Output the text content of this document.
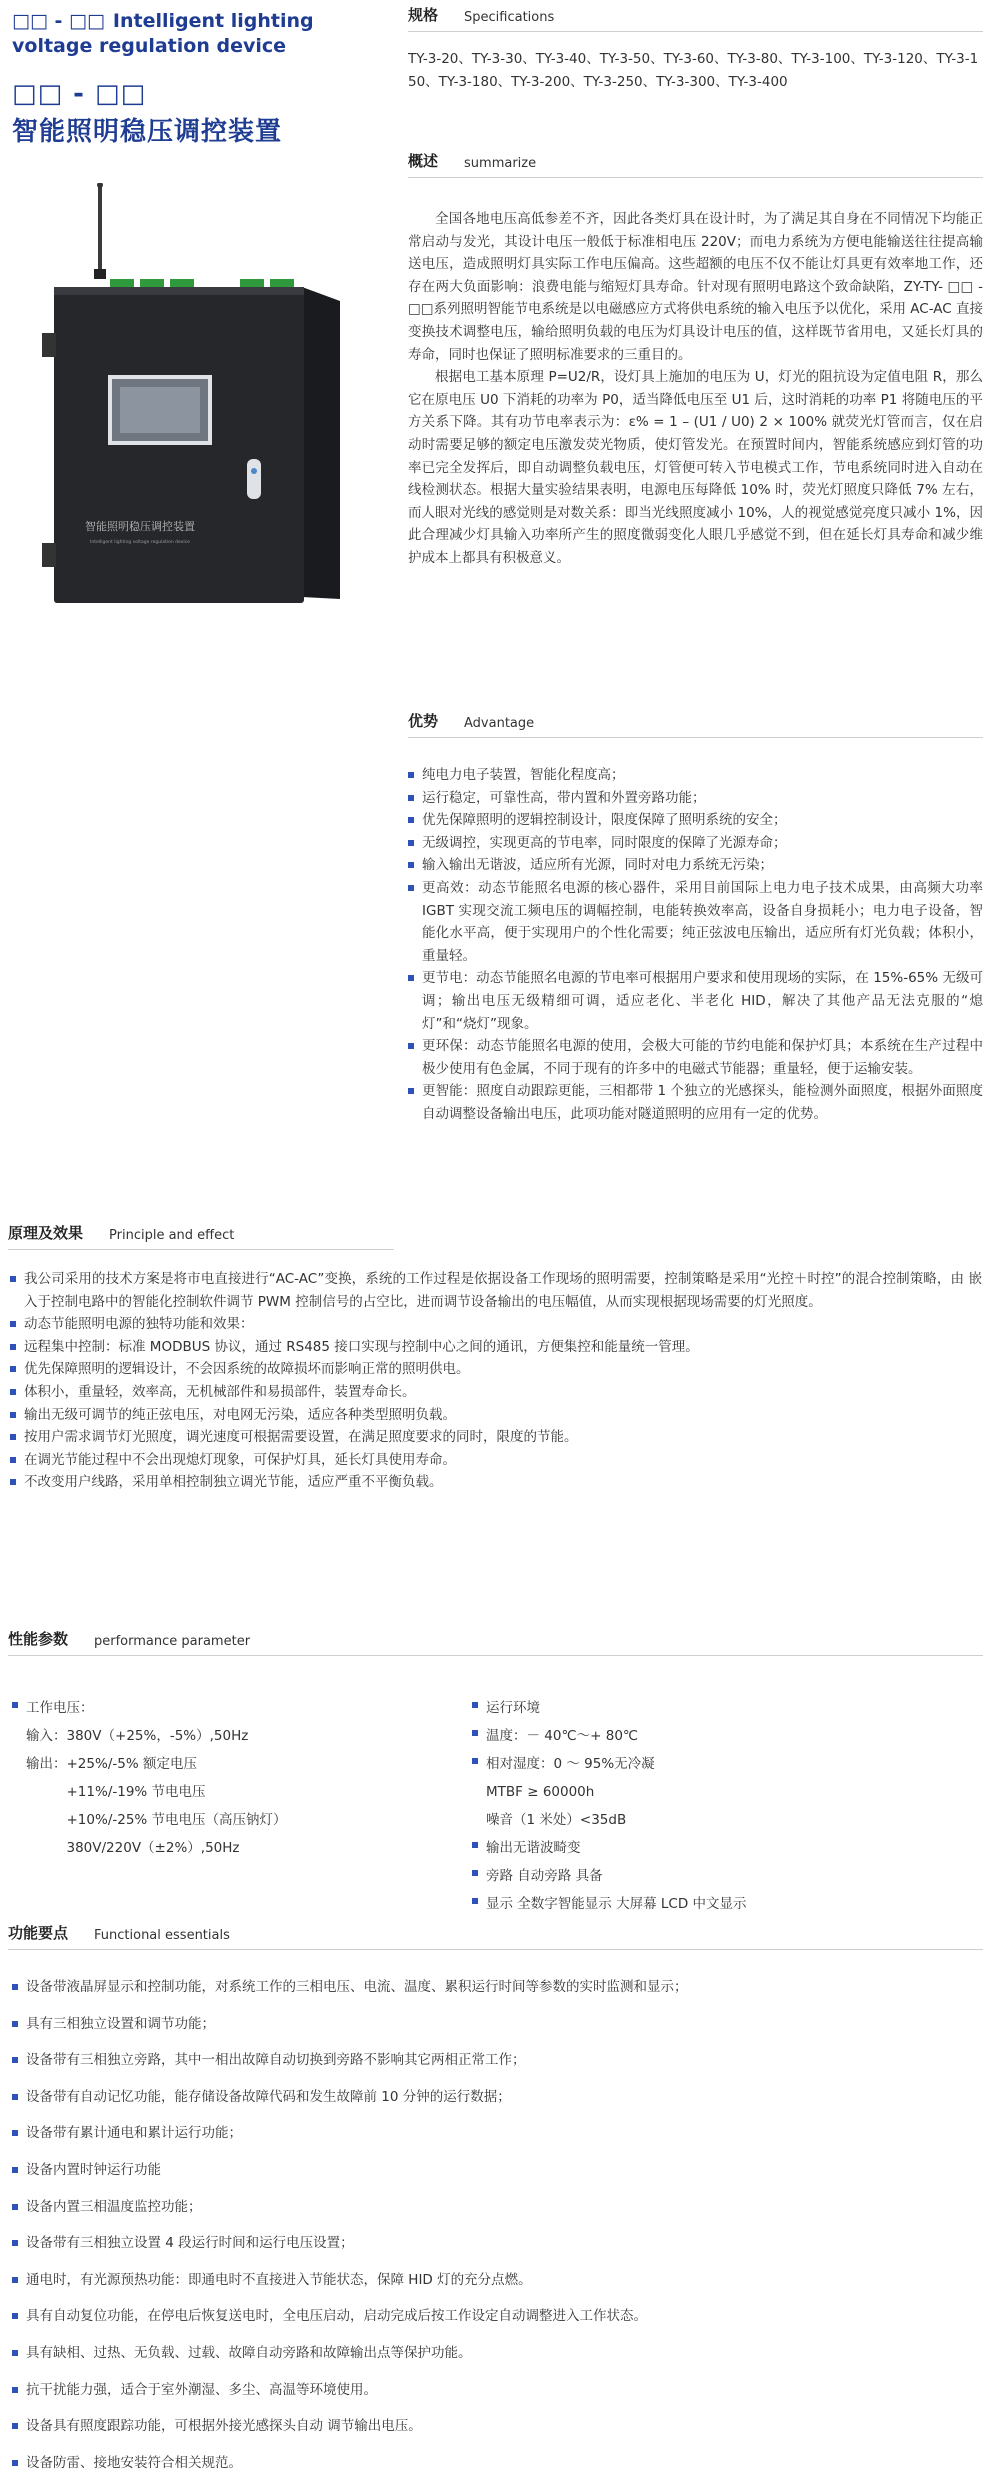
□□ - □□ Intelligent lighting
voltage regulation device
□□ - □□
智能照明稳压调控装置
智能照明稳压调控装置
Intelligent lighting voltage regulation device
规格 Specifications
TY-3-20、TY-3-30、TY-3-40、TY-3-50、TY-3-60、TY-3-80、TY-3-100、TY-3-120、TY-3-150、TY-3-180、TY-3-200、TY-3-250、TY-3-300、TY-3-400
概述 summarize

全国各地电压高低参差不齐，因此各类灯具在设计时，为了满足其自身在不同情况下均能正常启动与发光，其设计电压一般低于标准相电压 220V；而电力系统为方便电能输送往往提高输送电压，造成照明灯具实际工作电压偏高。这些超额的电压不仅不能让灯具更有效率地工作，还存在两大负面影响：浪费电能与缩短灯具寿命。针对现有照明电路这个致命缺陷，ZY-TY- □□ - □□系列照明智能节电系统是以电磁感应方式将供电系统的输入电压予以优化，采用 AC-AC 直接变换技术调整电压，输给照明负载的电压为灯具设计电压的值，这样既节省用电，又延长灯具的寿命，同时也保证了照明标准要求的三重目的。

根据电工基本原理 P=U2/R，设灯具上施加的电压为 U，灯光的阻抗设为定值电阻 R，那么它在原电压 U0 下消耗的功率为 P0，适当降低电压至 U1 后，这时消耗的功率 P1 将随电压的平方关系下降。其有功节电率表示为：ε% = 1 – (U1 / U0) 2 × 100% 就荧光灯管而言，仅在启动时需要足够的额定电压激发荧光物质，使灯管发光。在预置时间内，智能系统感应到灯管的功率已完全发挥后，即自动调整负载电压，灯管便可转入节电模式工作，节电系统同时进入自动在线检测状态。根据大量实验结果表明，电源电压每降低 10% 时，荧光灯照度只降低 7% 左右，而人眼对光线的感觉则是对数关系：即当光线照度减小 10%，人的视觉感觉亮度只减小 1%，因此合理减少灯具输入功率所产生的照度微弱变化人眼几乎感觉不到，但在延长灯具寿命和减少维护成本上都具有积极意义。

优势 Advantage
纯电力电子装置，智能化程度高；
运行稳定，可靠性高，带内置和外置旁路功能；
优先保障照明的逻辑控制设计，限度保障了照明系统的安全；
无级调控，实现更高的节电率，同时限度的保障了光源寿命；
输入输出无谐波，适应所有光源，同时对电力系统无污染；
更高效：动态节能照名电源的核心器件，采用目前国际上电力电子技术成果，由高频大功率 IGBT 实现交流工频电压的调幅控制，电能转换效率高，设备自身损耗小；电力电子设备，智能化水平高，便于实现用户的个性化需要；纯正弦波电压输出，适应所有灯光负载；体积小，重量轻。
更节电：动态节能照名电源的节电率可根据用户要求和使用现场的实际，在 15%-65% 无级可调；输出电压无级精细可调，适应老化、半老化 HID，解决了其他产品无法克服的“熄灯”和“烧灯”现象。
更环保：动态节能照名电源的使用，会极大可能的节约电能和保护灯具；本系统在生产过程中极少使用有色金属，不同于现有的许多中的电磁式节能器；重量轻，便于运输安装。
更智能：照度自动跟踪更能，三相都带 1 个独立的光感探头，能检测外面照度，根据外面照度自动调整设备输出电压，此项功能对隧道照明的应用有一定的优势。
原理及效果 Principle and effect
我公司采用的技术方案是将市电直接进行“AC-AC”变换，系统的工作过程是依据设备工作现场的照明需要，控制策略是采用“光控＋时控”的混合控制策略，由 嵌入于控制电路中的智能化控制软件调节 PWM 控制信号的占空比，进而调节设备输出的电压幅值，从而实现根据现场需要的灯光照度。
动态节能照明电源的独特功能和效果：
远程集中控制：标准 MODBUS 协议，通过 RS485 接口实现与控制中心之间的通讯，方便集控和能量统一管理。
优先保障照明的逻辑设计，不会因系统的故障损坏而影响正常的照明供电。
体积小，重量轻，效率高，无机械部件和易损部件，装置寿命长。
输出无级可调节的纯正弦电压，对电网无污染，适应各种类型照明负载。
按用户需求调节灯光照度，调光速度可根据需要设置，在满足照度要求的同时，限度的节能。
在调光节能过程中不会出现熄灯现象，可保护灯具，延长灯具使用寿命。
不改变用户线路，采用单相控制独立调光节能，适应严重不平衡负载。
性能参数 performance parameter
工作电压：
输入：380V（+25%，-5%）,50Hz
输出： +25%/-5% 额定电压
+11%/-19% 节电电压
+10%/-25% 节电电压（高压钠灯）
380V/220V（±2%）,50Hz
运行环境
温度：－ 40℃～+ 80℃
相对湿度：0 ～ 95%无冷凝
MTBF ≥ 60000h
噪音（1 米处）<35dB
输出无谐波畸变
旁路 自动旁路 具备
显示 全数字智能显示 大屏幕 LCD 中文显示
功能要点 Functional essentials
设备带液晶屏显示和控制功能，对系统工作的三相电压、电流、温度、累积运行时间等参数的实时监测和显示；
具有三相独立设置和调节功能；
设备带有三相独立旁路，其中一相出故障自动切换到旁路不影响其它两相正常工作；
设备带有自动记忆功能，能存储设备故障代码和发生故障前 10 分钟的运行数据；
设备带有累计通电和累计运行功能；
设备内置时钟运行功能
设备内置三相温度监控功能；
设备带有三相独立设置 4 段运行时间和运行电压设置；
通电时，有光源预热功能：即通电时不直接进入节能状态，保障 HID 灯的充分点燃。
具有自动复位功能，在停电后恢复送电时，全电压启动，启动完成后按工作设定自动调整进入工作状态。
具有缺相、过热、无负载、过载、故障自动旁路和故障输出点等保护功能。
抗干扰能力强，适合于室外潮湿、多尘、高温等环境使用。
设备具有照度跟踪功能，可根据外接光感探头自动 调节输出电压。
设备防雷、接地安装符合相关规范。
